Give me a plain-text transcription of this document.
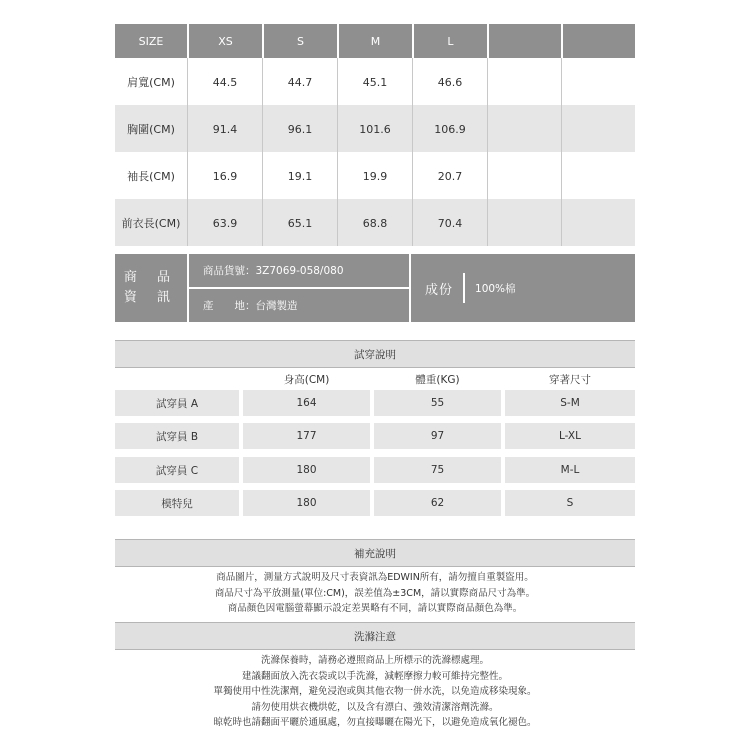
SIZE	XS	S	M	L
肩寬(CM)	44.5	44.7	45.1	46.6
胸圍(CM)	91.4	96.1	101.6	106.9
袖長(CM)	16.9	19.1	19.9	20.7
前衣長(CM)	63.9	65.1	68.8	70.4
商 品
資 訊
商品貨號：3Z7069-058/080
產　　地：台灣製造
成份 100%棉
試穿說明
身高(CM)	體重(KG)	穿著尺寸
試穿員 A	164	55	S-M
試穿員 B	177	97	L-XL
試穿員 C	180	75	M-L
模特兒	180	62	S
補充說明
商品圖片，測量方式說明及尺寸表資訊為EDWIN所有，請勿擅自重製盜用。
商品尺寸為平放測量(單位:CM)，誤差值為±3CM，請以實際商品尺寸為準。
商品顏色因電腦螢幕顯示設定差異略有不同，請以實際商品顏色為準。
洗滌注意
洗滌保養時，請務必遵照商品上所標示的洗滌標處理。
建議翻面放入洗衣袋或以手洗滌，減輕摩擦力較可維持完整性。
單獨使用中性洗潔劑，避免浸泡或與其他衣物一併水洗，以免造成移染現象。
請勿使用烘衣機烘乾，以及含有漂白、強效清潔溶劑洗滌。
晾乾時也請翻面平曬於通風處，勿直接曝曬在陽光下，以避免造成氧化褪色。
